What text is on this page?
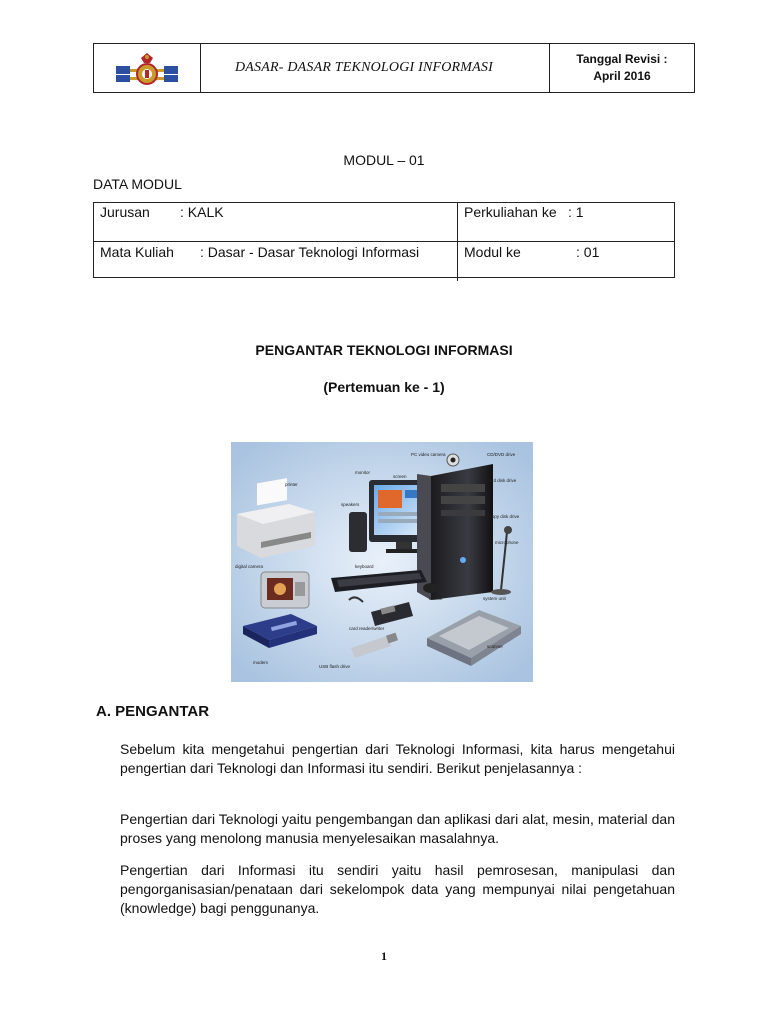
DASAR- DASAR TEKNOLOGI INFORMASI
Tanggal Revisi :
April 2016
MODUL – 01
DATA MODUL
Jurusan : KALK	Perkuliahan ke : 1
Mata Kuliah : Dasar - Dasar Teknologi Informasi	Modul ke	: 01
PENGANTAR TEKNOLOGI INFORMASI
(Pertemuan ke - 1)
PC video camera	CD/DVD drive
monitor
screen
printer
hard disk drive
floppy disk drive
speakers
microphone
digital camera	keyboard
mouse	system unit
card reader/writer
scanner
modem
USB flash drive
A. PENGANTAR
Sebelum kita mengetahui pengertian dari Teknologi Informasi, kita harus mengetahui pengertian dari Teknologi dan Informasi itu sendiri. Berikut penjelasannya :
Pengertian dari Teknologi yaitu pengembangan dan aplikasi dari alat, mesin, material dan proses yang menolong manusia menyelesaikan masalahnya.
Pengertian dari Informasi itu sendiri yaitu hasil pemrosesan, manipulasi dan pengorganisasian/penataan dari sekelompok data yang mempunyai nilai pengetahuan (knowledge) bagi penggunanya.
1
